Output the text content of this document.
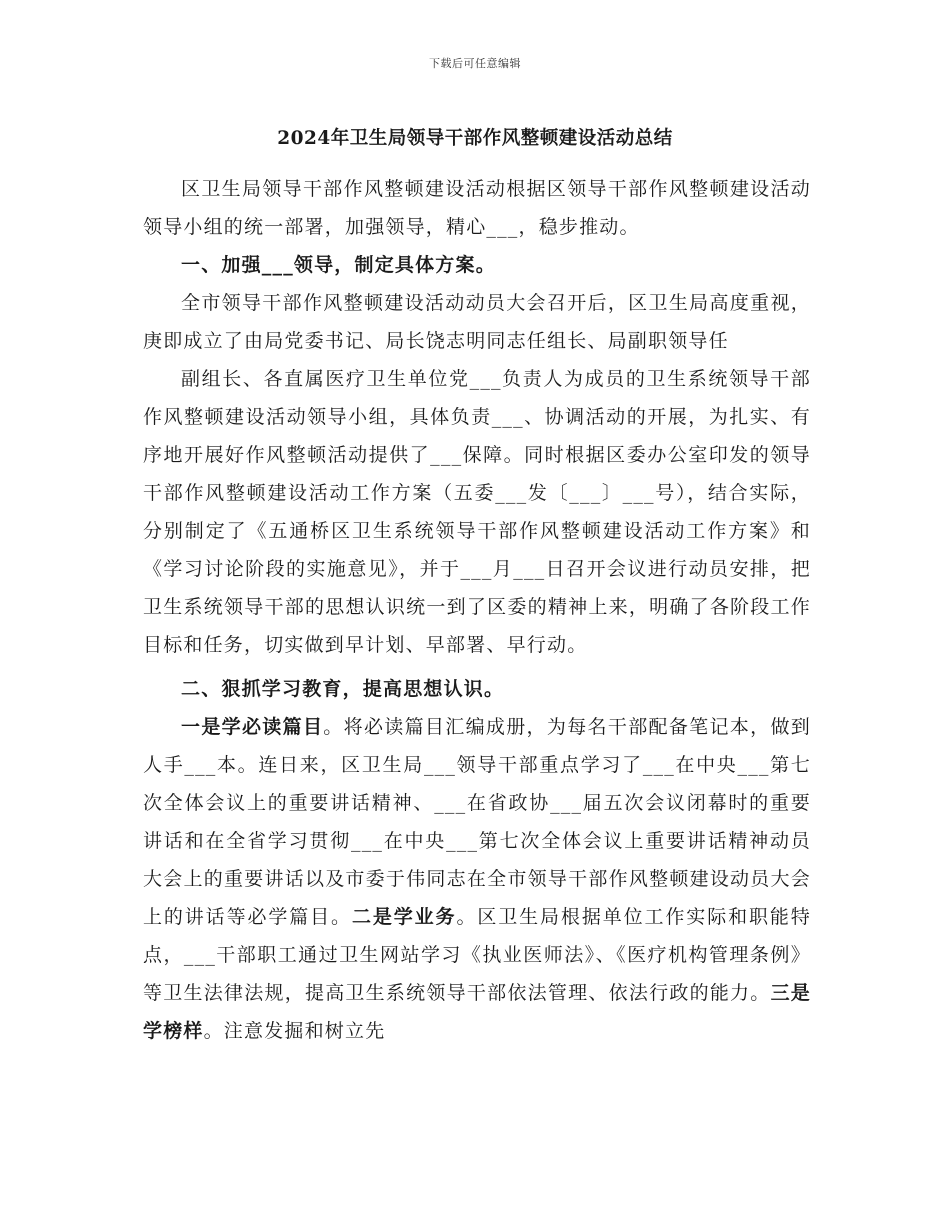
下载后可任意编辑
2024年卫生局领导干部作风整顿建设活动总结

区卫生局领导干部作风整顿建设活动根据区领导干部作风整顿建设活动领导小组的统一部署，加强领导，精心___，稳步推动。

一、加强___领导，制定具体方案。

全市领导干部作风整顿建设活动动员大会召开后，区卫生局高度重视，庚即成立了由局党委书记、局长饶志明同志任组长、局副职领导任

副组长、各直属医疗卫生单位党___负责人为成员的卫生系统领导干部作风整顿建设活动领导小组，具体负责___、协调活动的开展，为扎实、有序地开展好作风整顿活动提供了___保障。同时根据区委办公室印发的领导干部作风整顿建设活动工作方案（五委___发〔___〕___号），结合实际，分别制定了《五通桥区卫生系统领导干部作风整顿建设活动工作方案》和《学习讨论阶段的实施意见》，并于___月___日召开会议进行动员安排，把卫生系统领导干部的思想认识统一到了区委的精神上来，明确了各阶段工作目标和任务，切实做到早计划、早部署、早行动。

二、狠抓学习教育，提高思想认识。

一是学必读篇目。将必读篇目汇编成册，为每名干部配备笔记本，做到人手___本。连日来，区卫生局___领导干部重点学习了___在中央___第七次全体会议上的重要讲话精神、___在省政协___届五次会议闭幕时的重要讲话和在全省学习贯彻___在中央___第七次全体会议上重要讲话精神动员大会上的重要讲话以及市委于伟同志在全市领导干部作风整顿建设动员大会上的讲话等必学篇目。二是学业务。区卫生局根据单位工作实际和职能特点，___干部职工通过卫生网站学习《执业医师法》、《医疗机构管理条例》等卫生法律法规，提高卫生系统领导干部依法管理、依法行政的能力。三是学榜样。注意发掘和树立先
